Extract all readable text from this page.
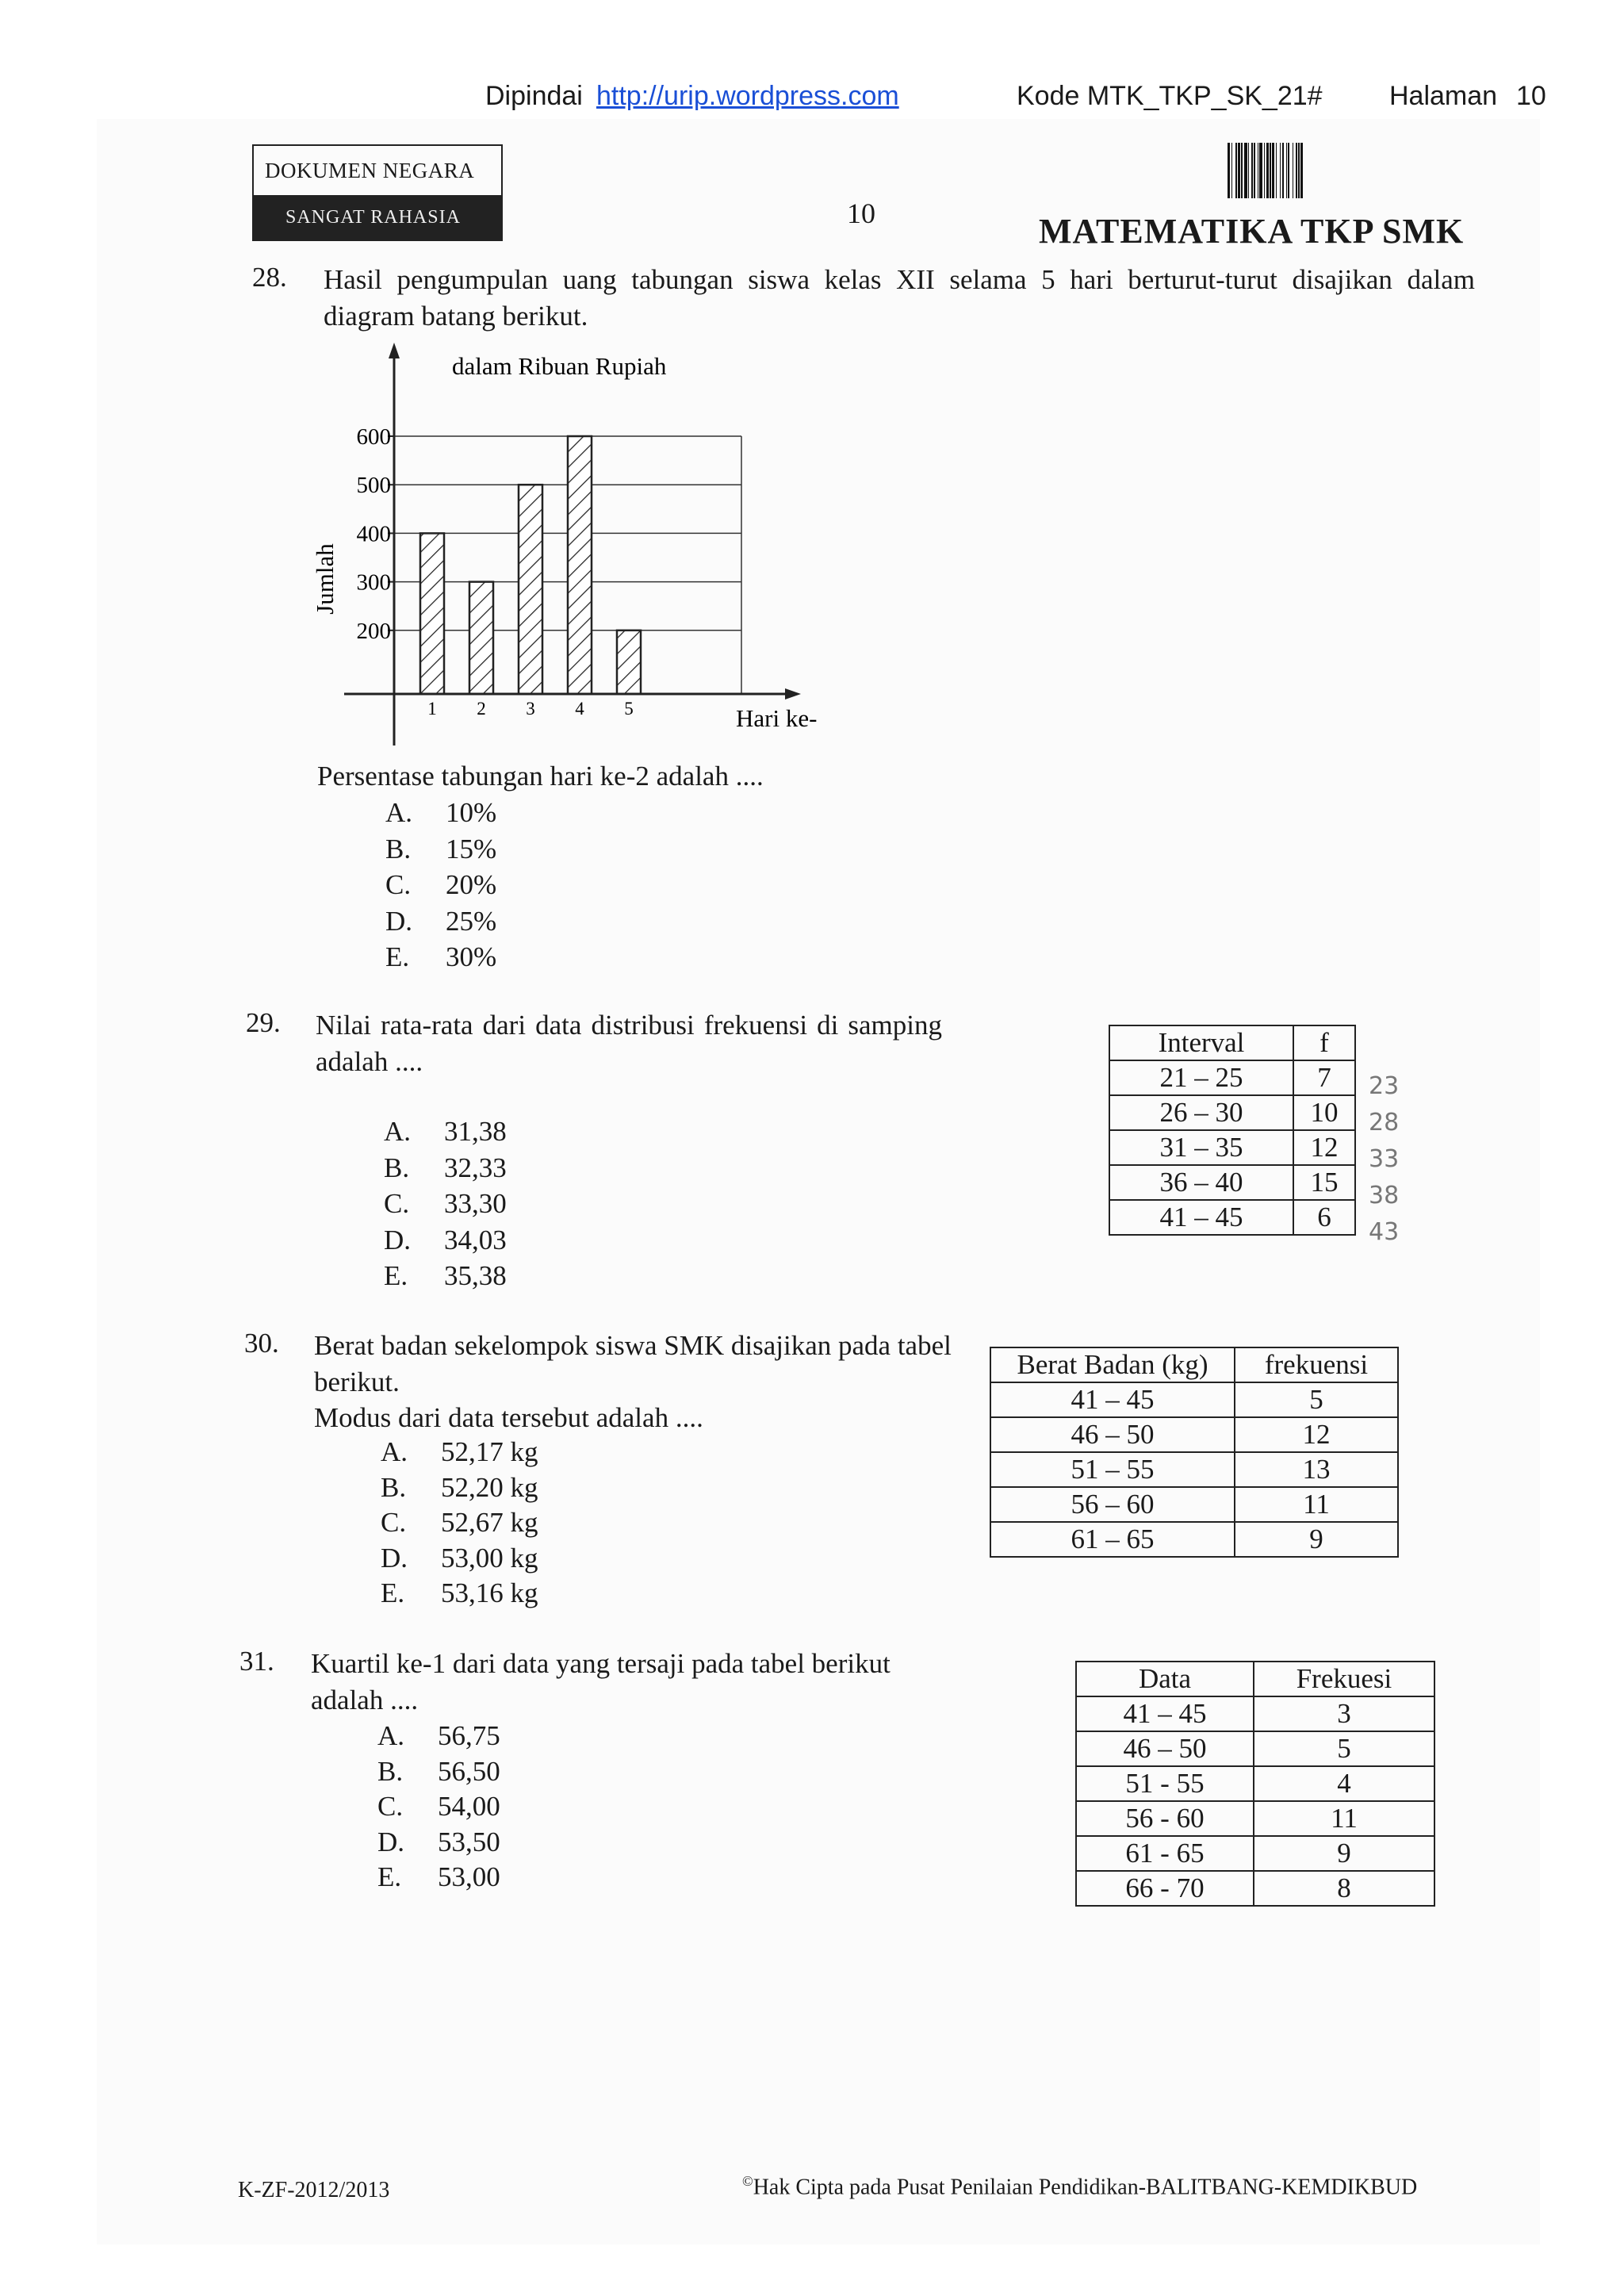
Dipindai http://urip.wordpress.com	Kode MTK_TKP_SK_21# Halaman 10
DOKUMEN NEGARA
SANGAT RAHASIA	10	MATEMATIKA TKP SMK
28. Hasil pengumpulan uang tabungan siswa kelas XII selama 5 hari berturut-turut disajikan dalam diagram batang berikut.
200
300
400
500
600
1 2 3 4 5
dalam Ribuan Rupiah
Hari ke-
Jumlah
Persentase tabungan hari ke-2 adalah ....
A. 10%
B. 15%
C. 20%
D. 25%
E. 30%
29. Nilai rata-rata dari data distribusi frekuensi di samping adalah ....
A. 31,38
B. 32,33
C. 33,30
D. 34,03
E. 35,38
Interval	f
21 – 25	7
26 – 30	10
31 – 35	12
36 – 40	15
41 – 45	6
23
28
33
38
43
30. Berat badan sekelompok siswa SMK disajikan pada tabel berikut.
Modus dari data tersebut adalah ....
A. 52,17 kg
B. 52,20 kg
C. 52,67 kg
D. 53,00 kg
E. 53,16 kg
Berat Badan (kg)	frekuensi
41 – 45	5
46 – 50	12
51 – 55	13
56 – 60	11
61 – 65	9
31. Kuartil ke-1 dari data yang tersaji pada tabel berikut adalah ....
A. 56,75
B. 56,50
C. 54,00
D. 53,50
E. 53,00
Data	Frekuesi
41 – 45	3
46 – 50	5
51 - 55	4
56 - 60	11
61 - 65	9
66 - 70	8
K-ZF-2012/2013	©Hak Cipta pada Pusat Penilaian Pendidikan-BALITBANG-KEMDIKBUD
